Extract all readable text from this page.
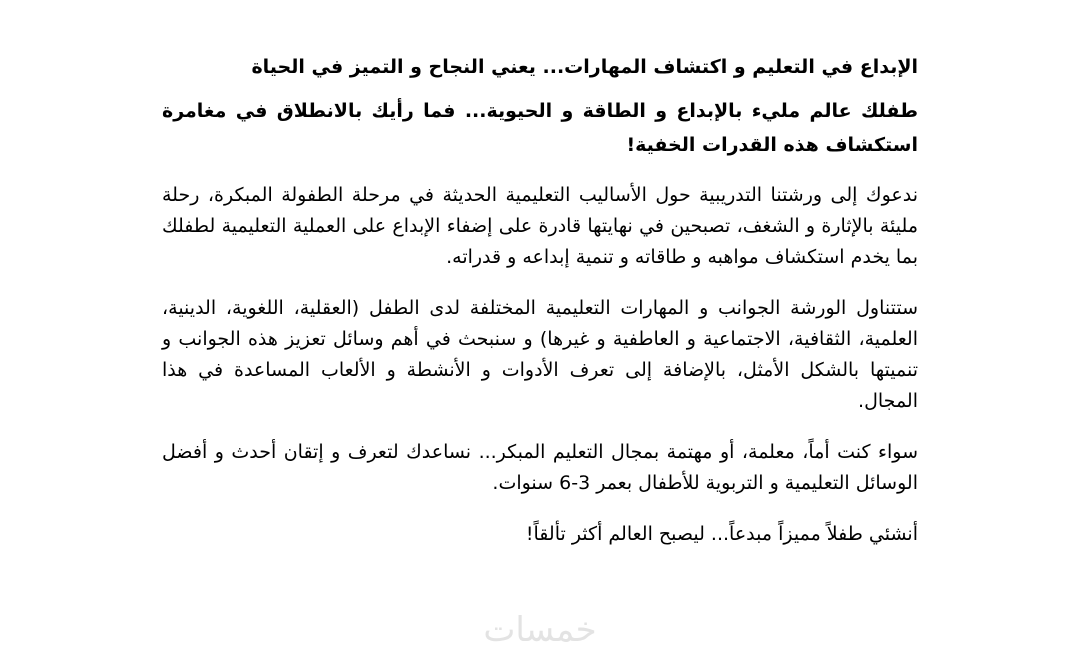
الإبداع في التعليم و اكتشاف المهارات... يعني النجاح و التميز في الحياة

طفلك عالم مليء بالإبداع و الطاقة و الحيوية... فما رأيك بالانطلاق في مغامرة استكشاف هذه القدرات الخفية!

ندعوك إلى ورشتنا التدريبية حول الأساليب التعليمية الحديثة في مرحلة الطفولة المبكرة، رحلة مليئة بالإثارة و الشغف، تصبحين في نهايتها قادرة على إضفاء الإبداع على العملية التعليمية لطفلك بما يخدم استكشاف مواهبه و طاقاته و تنمية إبداعه و قدراته.

ستتناول الورشة الجوانب و المهارات التعليمية المختلفة لدى الطفل (العقلية، اللغوية، الدينية، العلمية، الثقافية، الاجتماعية و العاطفية و غيرها) و سنبحث في أهم وسائل تعزيز هذه الجوانب و تنميتها بالشكل الأمثل، بالإضافة إلى تعرف الأدوات و الأنشطة و الألعاب المساعدة في هذا المجال.

سواء كنت أماً، معلمة، أو مهتمة بمجال التعليم المبكر... نساعدك لتعرف و إتقان أحدث و أفضل الوسائل التعليمية و التربوية للأطفال بعمر 3-6 سنوات.

أنشئي طفلاً مميزاً مبدعاً... ليصبح العالم أكثر تألقاً!

خمسات
